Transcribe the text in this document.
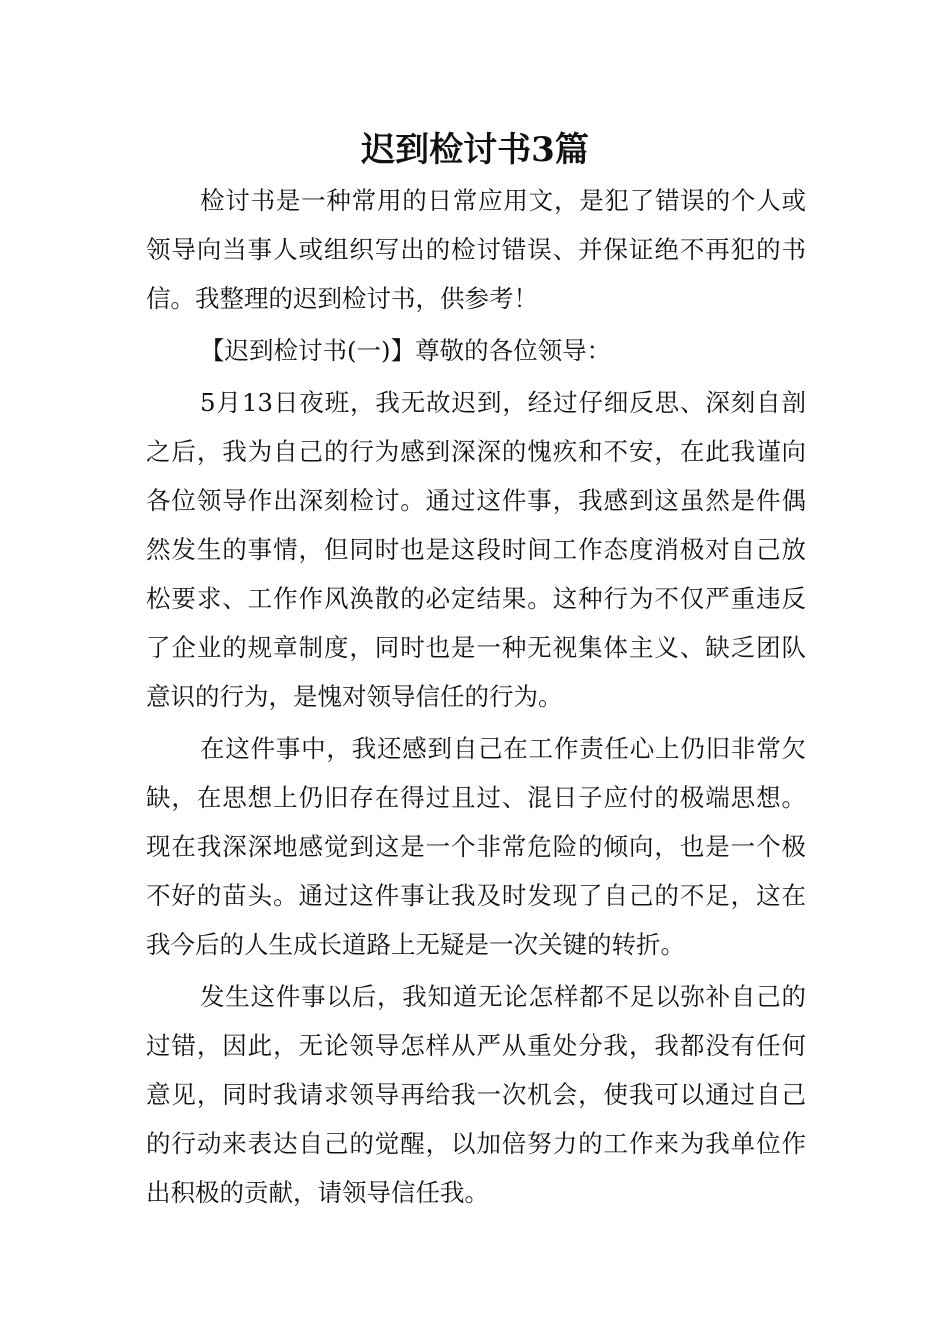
迟到检讨书3篇

检讨书是一种常用的日常应用文，是犯了错误的个人或领导向当事人或组织写出的检讨错误、并保证绝不再犯的书信。我整理的迟到检讨书，供参考！

【迟到检讨书(一)】尊敬的各位领导：

5月13日夜班，我无故迟到，经过仔细反思、深刻自剖之后，我为自己的行为感到深深的愧疚和不安，在此我谨向各位领导作出深刻检讨。通过这件事，我感到这虽然是件偶然发生的事情，但同时也是这段时间工作态度消极对自己放松要求、工作作风涣散的必定结果。这种行为不仅严重违反了企业的规章制度，同时也是一种无视集体主义、缺乏团队意识的行为，是愧对领导信任的行为。

在这件事中，我还感到自己在工作责任心上仍旧非常欠缺，在思想上仍旧存在得过且过、混日子应付的极端思想。现在我深深地感觉到这是一个非常危险的倾向，也是一个极不好的苗头。通过这件事让我及时发现了自己的不足，这在我今后的人生成长道路上无疑是一次关键的转折。

发生这件事以后，我知道无论怎样都不足以弥补自己的过错，因此，无论领导怎样从严从重处分我，我都没有任何意见，同时我请求领导再给我一次机会，使我可以通过自己的行动来表达自己的觉醒，以加倍努力的工作来为我单位作出积极的贡献，请领导信任我。
